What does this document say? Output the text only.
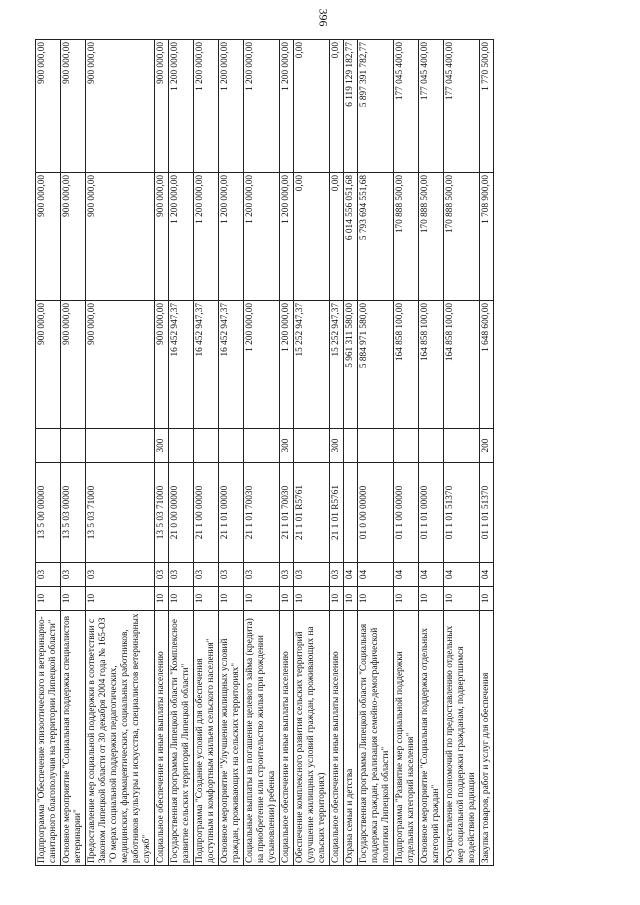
396
Подпрограмма "Обеспечение эпизоотического и ветеринарно-санитарного благополучия на территории Липецкой области"	10	03	13 5 00 00000		900 000,00	900 000,00	900 000,00
Основное мероприятие "Социальная поддержка специалистов ветеринарии"	10	03	13 5 03 00000		900 000,00	900 000,00	900 000,00
Предоставление мер социальной поддержки в соответствии с Законом Липецкой области от 30 декабря 2004 года № 165-ОЗ "О мерах социальной поддержки педагогических, медицинских, фармацевтических, социальных работников, работников культуры и искусства, специалистов ветеринарных служб"	10	03	13 5 03 71000		900 000,00	900 000,00	900 000,00
Социальное обеспечение и иные выплаты населению	10	03	13 5 03 71000	300	900 000,00	900 000,00	900 000,00
Государственная программа Липецкой области "Комплексное развитие сельских территорий Липецкой области"	10	03	21 0 00 00000		16 452 947,37	1 200 000,00	1 200 000,00
Подпрограмма "Создание условий для обеспечения доступным и комфортным жильем сельского населения"	10	03	21 1 00 00000		16 452 947,37	1 200 000,00	1 200 000,00
Основное мероприятие "Улучшение жилищных условий граждан, проживающих на сельских территориях"	10	03	21 1 01 00000		16 452 947,37	1 200 000,00	1 200 000,00
Социальные выплаты на погашение целевого займа (кредита) на приобретение или строительство жилья при рождении (усыновлении) ребенка	10	03	21 1 01 70030		1 200 000,00	1 200 000,00	1 200 000,00
Социальное обеспечение и иные выплаты населению	10	03	21 1 01 70030	300	1 200 000,00	1 200 000,00	1 200 000,00
Обеспечение комплексного развития сельских территорий (улучшение жилищных условий граждан, проживающих на сельских территориях)	10	03	21 1 01 R5761		15 252 947,37	0,00	0,00
Социальное обеспечение и иные выплаты населению	10	03	21 1 01 R5761	300	15 252 947,37	0,00	0,00
Охрана семьи и детства	10	04			5 961 311 580,00	6 014 556 051,68	6 119 129 182,77
Государственная программа Липецкой области "Социальная поддержка граждан, реализация семейно-демографической политики Липецкой области"	10	04	01 0 00 00000		5 884 971 580,00	5 793 694 551,68	5 897 391 782,77
Подпрограмма "Развитие мер социальной поддержки отдельных категорий населения"	10	04	01 1 00 00000		164 858 100,00	170 888 500,00	177 045 400,00
Основное мероприятие "Социальная поддержка отдельных категорий граждан"	10	04	01 1 01 00000		164 858 100,00	170 888 500,00	177 045 400,00
Осуществление полномочий по предоставлению отдельных мер социальной поддержки гражданам, подвергшимся воздействию радиации	10	04	01 1 01 51370		164 858 100,00	170 888 500,00	177 045 400,00
Закупка товаров, работ и услуг для обеспечения	10	04	01 1 01 51370	200	1 648 600,00	1 708 900,00	1 770 500,00
